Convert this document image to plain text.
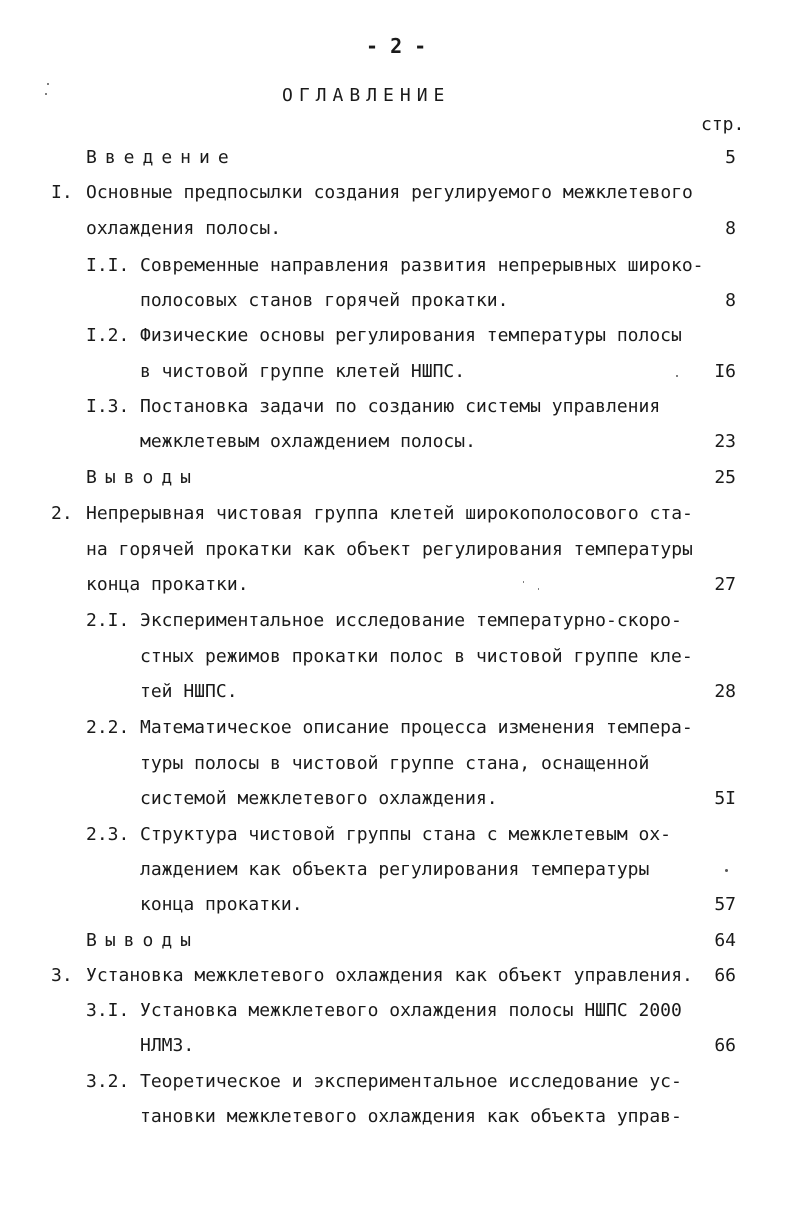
- 2 -
ОГЛАВЛЕНИЕ
стр.
Введение	5
I. Основные предпосылки создания регулируемого межклетевого
охлаждения полосы.	8
I.I. Современные направления развития непрерывных широко-
полосовых станов горячей прокатки.	8
I.2. Физические основы регулирования температуры полосы
в чистовой группе клетей НШПС.	I6
I.3. Постановка задачи по созданию системы управления
межклетевым охлаждением полосы.	23
Выводы	25
2. Непрерывная чистовая группа клетей широкополосового ста-
на горячей прокатки как объект регулирования температуры
конца прокатки.	27
2.I. Экспериментальное исследование температурно-скоро-
стных режимов прокатки полос в чистовой группе кле-
тей НШПС.	28
2.2. Математическое описание процесса изменения темпера-
туры полосы в чистовой группе стана, оснащенной
системой межклетевого охлаждения.	5I
2.3. Структура чистовой группы стана с межклетевым ох-
лаждением как объекта регулирования температуры
конца прокатки.	57
Выводы	64
3. Установка межклетевого охлаждения как объект управления.	66
3.I. Установка межклетевого охлаждения полосы НШПС 2000
НЛМЗ.	66
3.2. Теоретическое и экспериментальное исследование ус-
тановки межклетевого охлаждения как объекта управ-
